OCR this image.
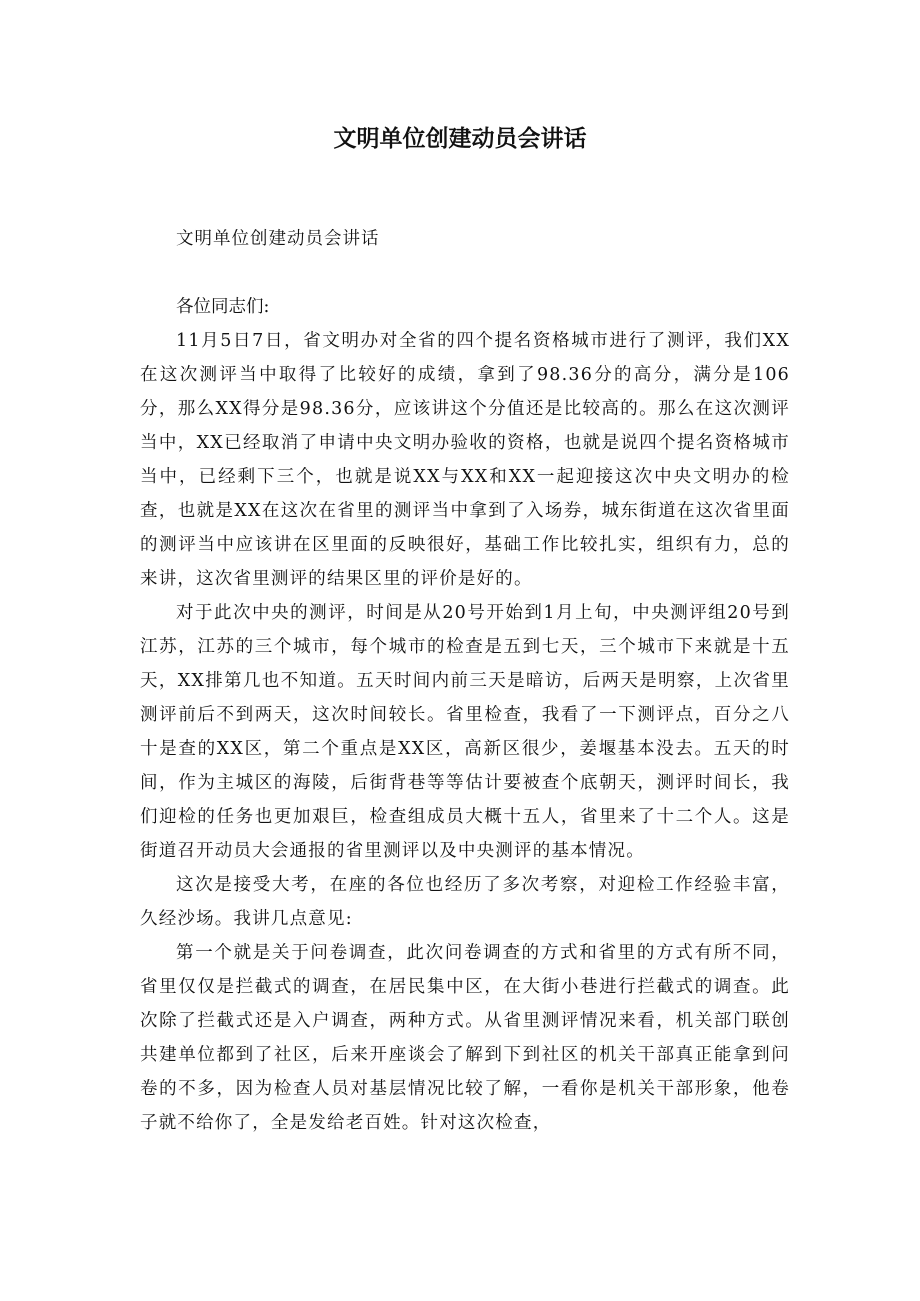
文明单位创建动员会讲话

文明单位创建动员会讲话

各位同志们:

11月5日7日，省文明办对全省的四个提名资格城市进行了测评，我们XX在这次测评当中取得了比较好的成绩，拿到了98.36分的高分，满分是106分，那么XX得分是98.36分，应该讲这个分值还是比较高的。那么在这次测评当中，XX已经取消了申请中央文明办验收的资格，也就是说四个提名资格城市当中，已经剩下三个，也就是说XX与XX和XX一起迎接这次中央文明办的检查，也就是XX在这次在省里的测评当中拿到了入场券，城东街道在这次省里面的测评当中应该讲在区里面的反映很好，基础工作比较扎实，组织有力，总的来讲，这次省里测评的结果区里的评价是好的。

对于此次中央的测评，时间是从20号开始到1月上旬，中央测评组20号到江苏，江苏的三个城市，每个城市的检查是五到七天，三个城市下来就是十五天，XX排第几也不知道。五天时间内前三天是暗访，后两天是明察，上次省里测评前后不到两天，这次时间较长。省里检查，我看了一下测评点，百分之八十是查的XX区，第二个重点是XX区，高新区很少，姜堰基本没去。五天的时间，作为主城区的海陵，后街背巷等等估计要被查个底朝天，测评时间长，我们迎检的任务也更加艰巨，检查组成员大概十五人，省里来了十二个人。这是街道召开动员大会通报的省里测评以及中央测评的基本情况。

这次是接受大考，在座的各位也经历了多次考察，对迎检工作经验丰富，久经沙场。我讲几点意见:

第一个就是关于问卷调查，此次问卷调查的方式和省里的方式有所不同，省里仅仅是拦截式的调查，在居民集中区，在大街小巷进行拦截式的调查。此次除了拦截式还是入户调查，两种方式。从省里测评情况来看，机关部门联创共建单位都到了社区，后来开座谈会了解到下到社区的机关干部真正能拿到问卷的不多，因为检查人员对基层情况比较了解，一看你是机关干部形象，他卷子就不给你了，全是发给老百姓。针对这次检查，
